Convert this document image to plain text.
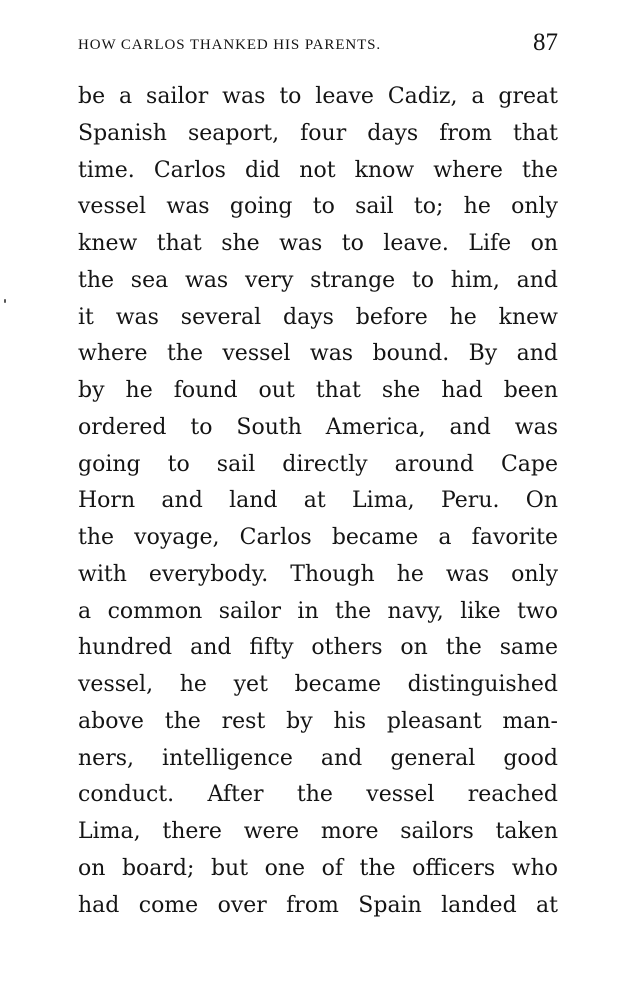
HOW CARLOS THANKED HIS PARENTS.	87
be a sailor was to leave Cadiz, a great
Spanish seaport, four days from that
time. Carlos did not know where the
vessel was going to sail to; he only
knew that she was to leave. Life on
the sea was very strange to him, and
it was several days before he knew
where the vessel was bound. By and
by he found out that she had been
ordered to South America, and was
going to sail directly around Cape
Horn and land at Lima, Peru. On
the voyage, Carlos became a favorite
with everybody. Though he was only
a common sailor in the navy, like two
hundred and fifty others on the same
vessel, he yet became distinguished
above the rest by his pleasant man-
ners, intelligence and general good
conduct. After the vessel reached
Lima, there were more sailors taken
on board; but one of the officers who
had come over from Spain landed at
